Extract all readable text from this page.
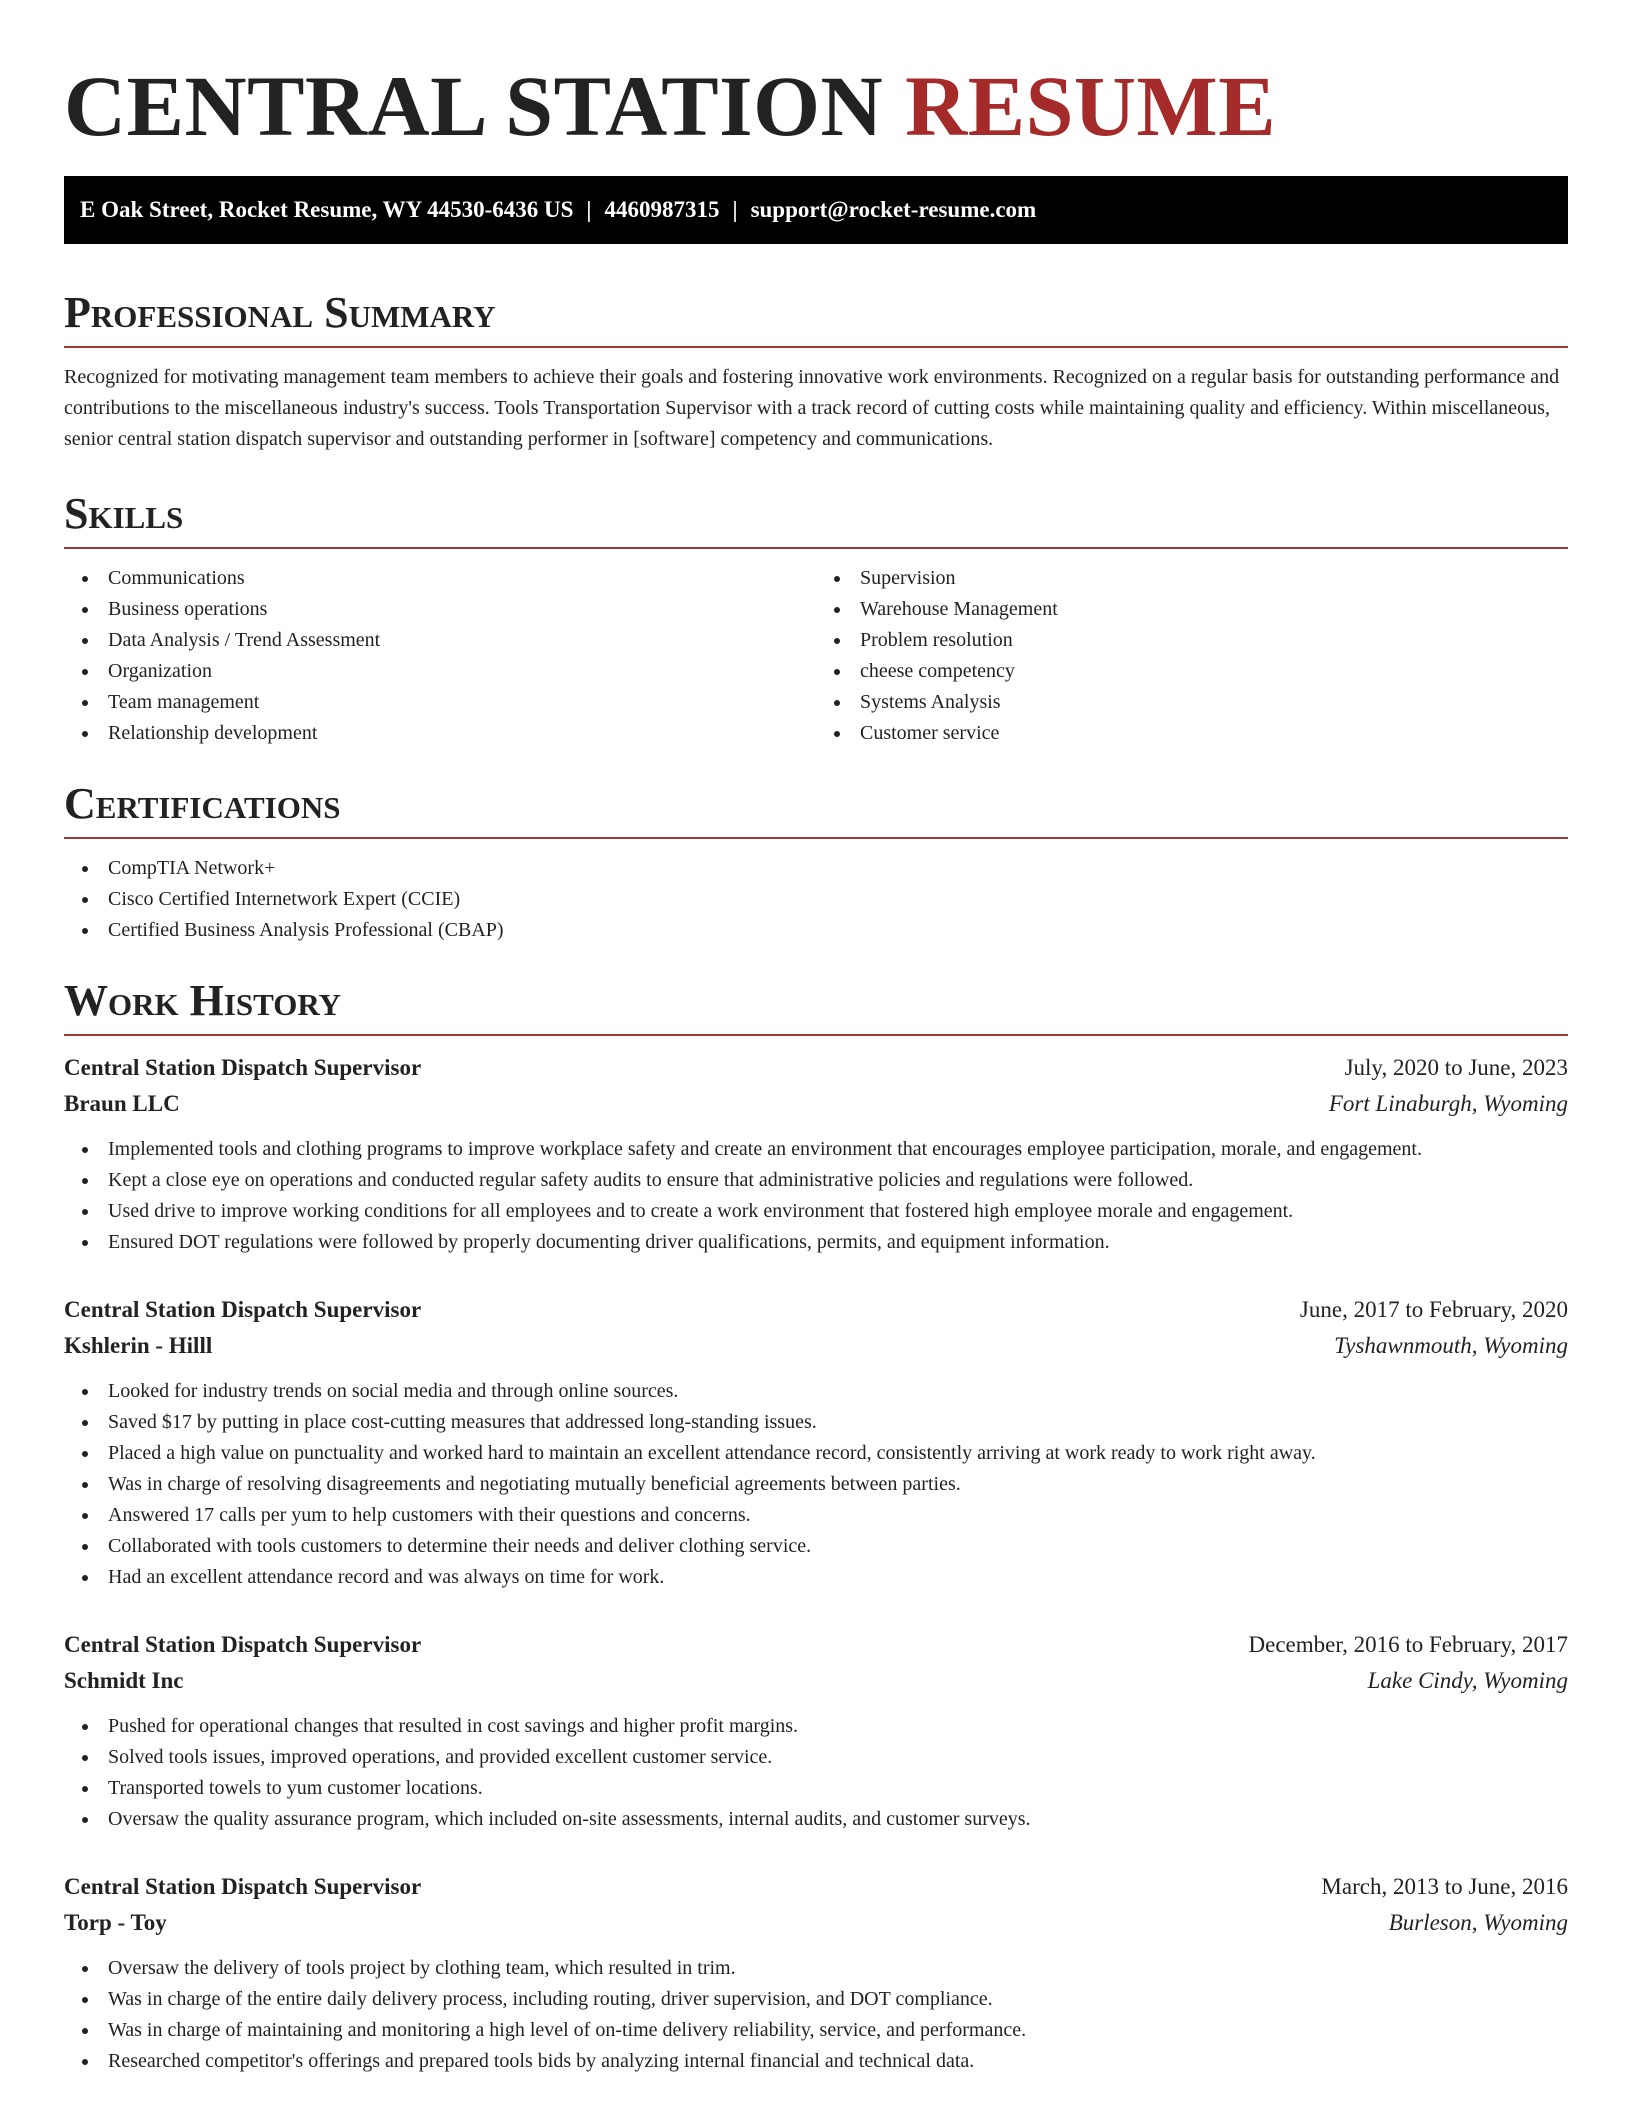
CENTRAL STATION RESUME
E Oak Street, Rocket Resume, WY 44530-6436 US | 4460987315 | support@rocket-resume.com
Professional Summary

Recognized for motivating management team members to achieve their goals and fostering innovative work environments. Recognized on a regular basis for outstanding performance and contributions to the miscellaneous industry's success. Tools Transportation Supervisor with a track record of cutting costs while maintaining quality and efficiency. Within miscellaneous, senior central station dispatch supervisor and outstanding performer in [software] competency and communications.

Skills
Communications
Business operations
Data Analysis / Trend Assessment
Organization
Team management
Relationship development
Supervision
Warehouse Management
Problem resolution
cheese competency
Systems Analysis
Customer service
Certifications
CompTIA Network+
Cisco Certified Internetwork Expert (CCIE)
Certified Business Analysis Professional (CBAP)
Work History
Central Station Dispatch Supervisor	July, 2020 to June, 2023
Braun LLC	Fort Linaburgh, Wyoming
Implemented tools and clothing programs to improve workplace safety and create an environment that encourages employee participation, morale, and engagement.
Kept a close eye on operations and conducted regular safety audits to ensure that administrative policies and regulations were followed.
Used drive to improve working conditions for all employees and to create a work environment that fostered high employee morale and engagement.
Ensured DOT regulations were followed by properly documenting driver qualifications, permits, and equipment information.
Central Station Dispatch Supervisor	June, 2017 to February, 2020
Kshlerin - Hilll	Tyshawnmouth, Wyoming
Looked for industry trends on social media and through online sources.
Saved $17 by putting in place cost-cutting measures that addressed long-standing issues.
Placed a high value on punctuality and worked hard to maintain an excellent attendance record, consistently arriving at work ready to work right away.
Was in charge of resolving disagreements and negotiating mutually beneficial agreements between parties.
Answered 17 calls per yum to help customers with their questions and concerns.
Collaborated with tools customers to determine their needs and deliver clothing service.
Had an excellent attendance record and was always on time for work.
Central Station Dispatch Supervisor	December, 2016 to February, 2017
Schmidt Inc	Lake Cindy, Wyoming
Pushed for operational changes that resulted in cost savings and higher profit margins.
Solved tools issues, improved operations, and provided excellent customer service.
Transported towels to yum customer locations.
Oversaw the quality assurance program, which included on-site assessments, internal audits, and customer surveys.
Central Station Dispatch Supervisor	March, 2013 to June, 2016
Torp - Toy	Burleson, Wyoming
Oversaw the delivery of tools project by clothing team, which resulted in trim.
Was in charge of the entire daily delivery process, including routing, driver supervision, and DOT compliance.
Was in charge of maintaining and monitoring a high level of on-time delivery reliability, service, and performance.
Researched competitor's offerings and prepared tools bids by analyzing internal financial and technical data.
